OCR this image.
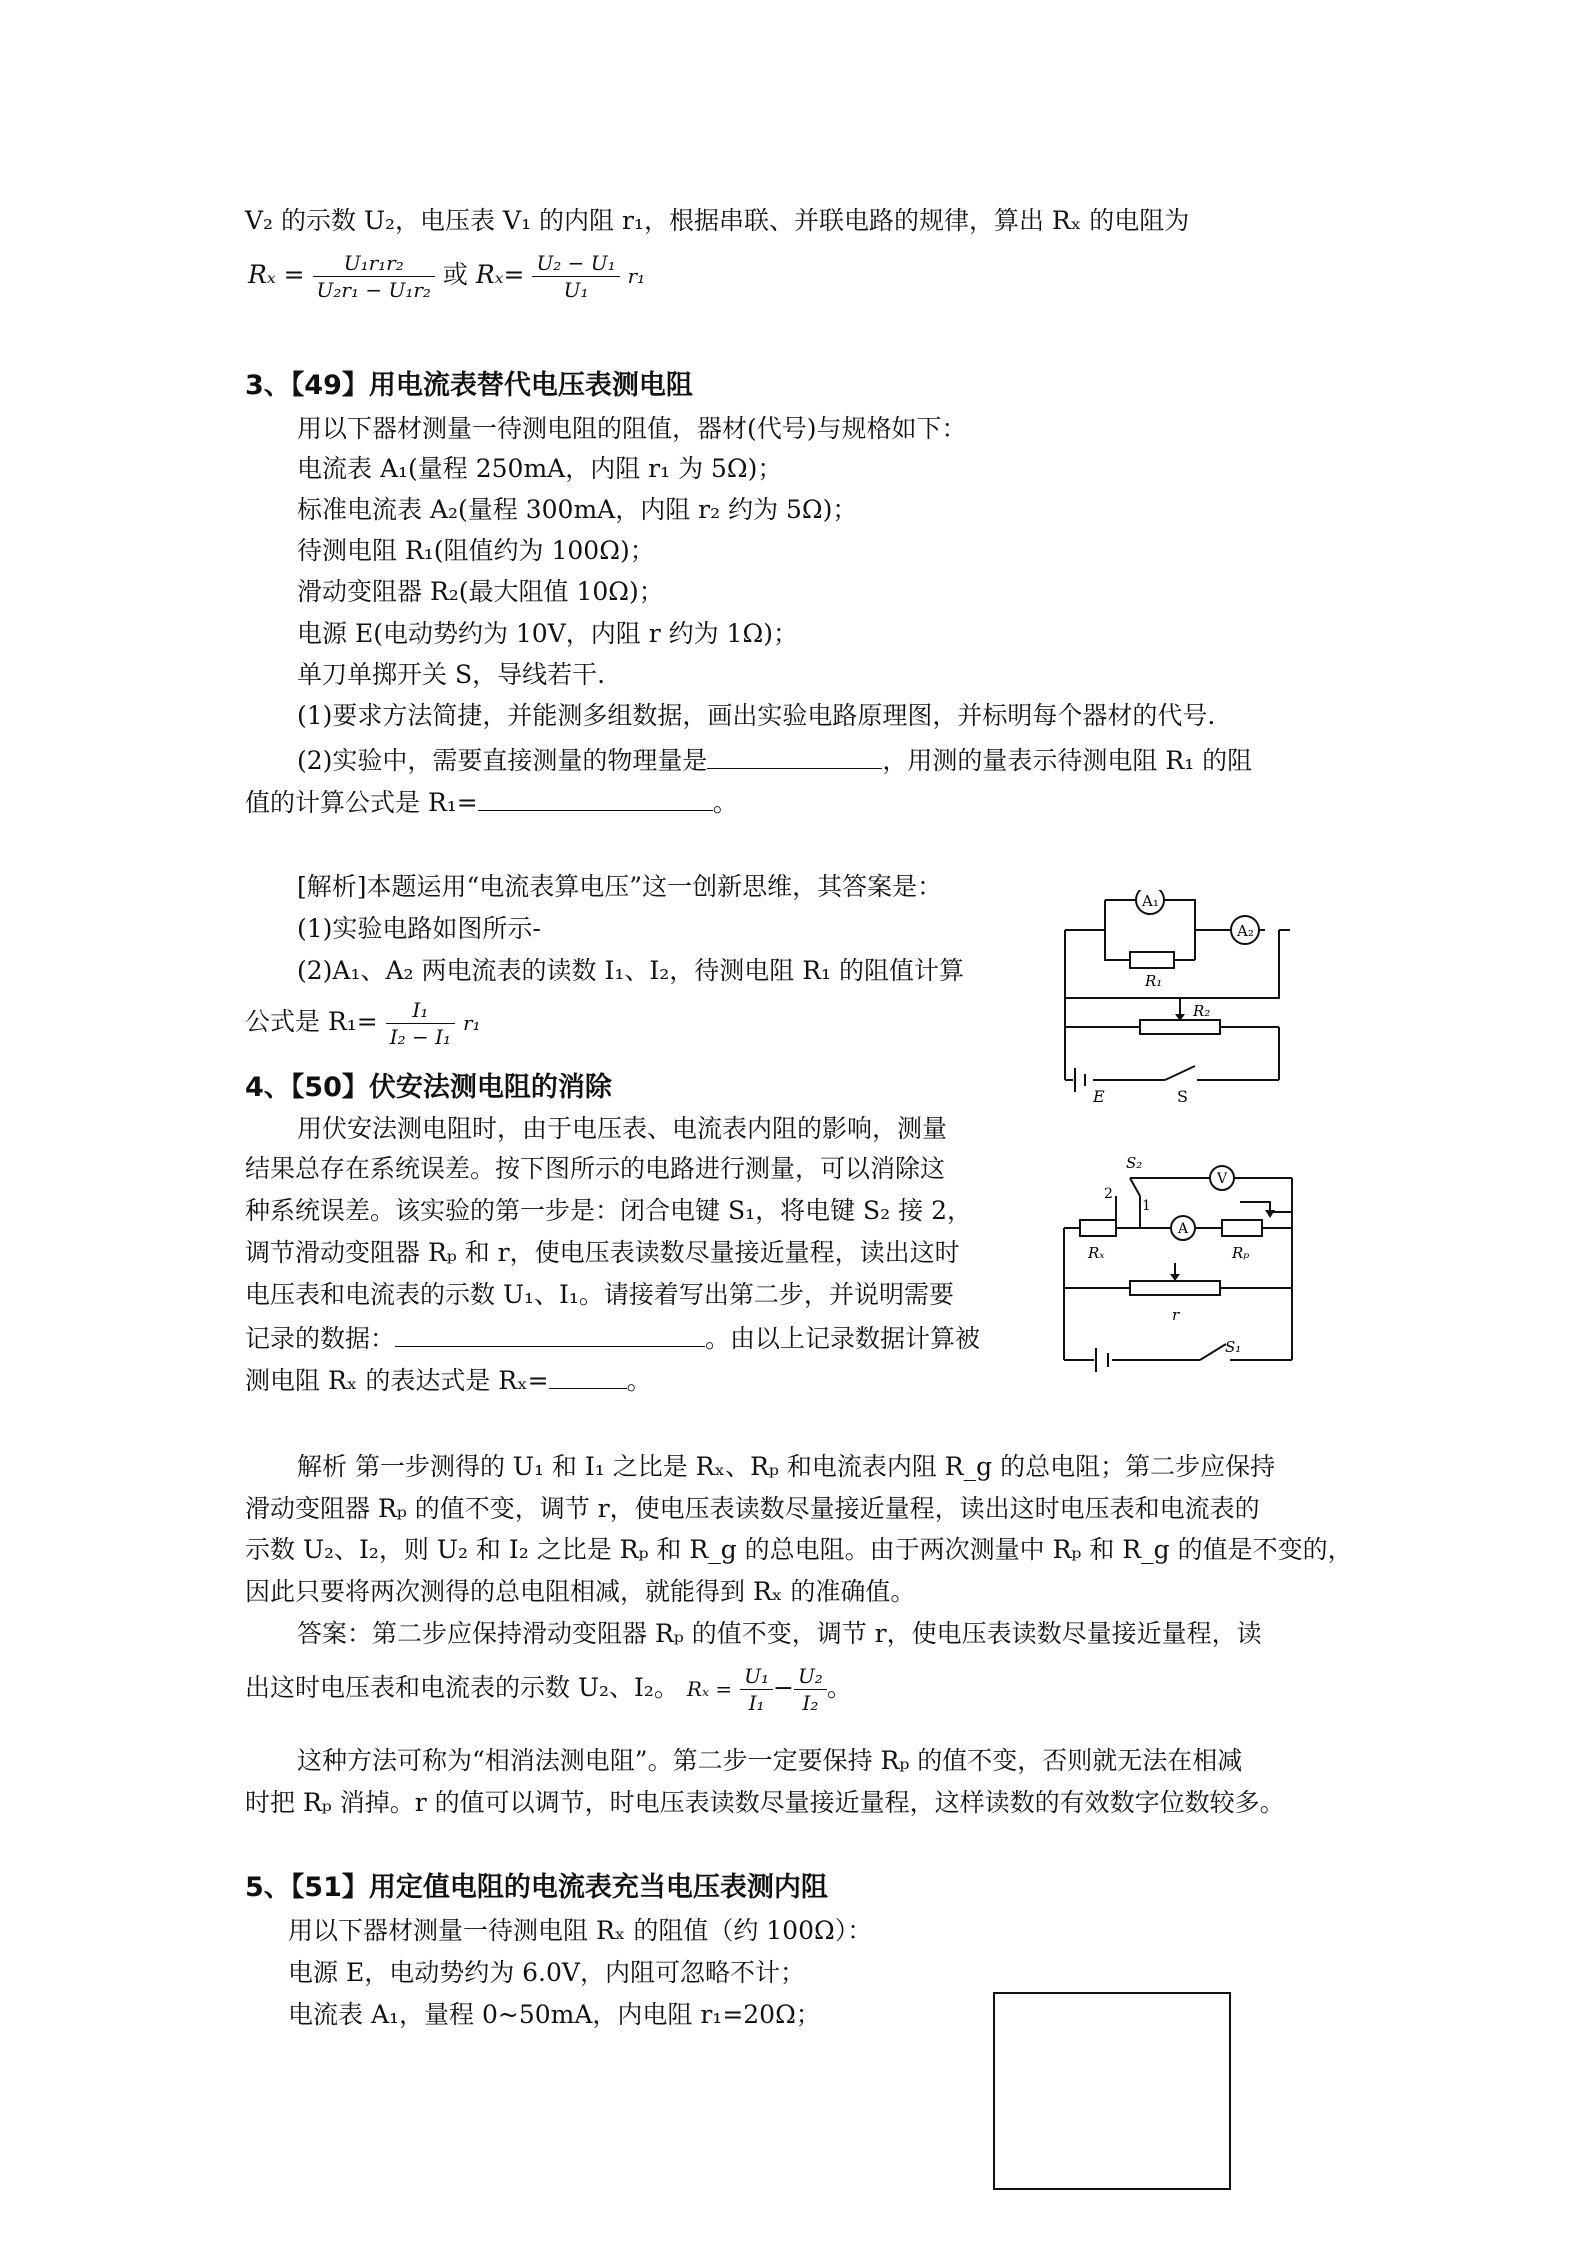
V₂ 的示数 U₂，电压表 V₁ 的内阻 r₁，根据串联、并联电路的规律，算出 Rₓ 的电阻为
$R_x = \frac{\text{U₁r₁r₂}}{\text{U₂r₁ − U₁r₂}}$ 或 $R_x= \frac{\text{U₂ − U₁}}{\text{U₁}} r_1$
3、【49】用电流表替代电压表测电阻
用以下器材测量一待测电阻的阻值，器材(代号)与规格如下：
电流表 A₁(量程 250mA，内阻 r₁ 为 5Ω)；
标准电流表 A₂(量程 300mA，内阻 r₂ 约为 5Ω)；
待测电阻 R₁(阻值约为 100Ω)；
滑动变阻器 R₂(最大阻值 10Ω)；
电源 E(电动势约为 10V，内阻 r 约为 1Ω)；
单刀单掷开关 S，导线若干.
(1)要求方法简捷，并能测多组数据，画出实验电路原理图，并标明每个器材的代号.
(2)实验中，需要直接测量的物理量是	，用测的量表示待测电阻 R₁ 的阻
值的计算公式是 R₁=	。
[解析]本题运用“电流表算电压”这一创新思维，其答案是：
(1)实验电路如图所示-
(2)A₁、A₂ 两电流表的读数 I₁、I₂，待测电阻 R₁ 的阻值计算
公式是 $R_1= \frac{\text{I₁}}{\text{I₂ − I₁}} r_1$
A₁
A₂
R₁
R₂
E	S
4、【50】伏安法测电阻的消除
用伏安法测电阻时，由于电压表、电流表内阻的影响，测量
结果总存在系统误差。按下图所示的电路进行测量，可以消除这
种系统误差。该实验的第一步是：闭合电键 S₁，将电键 S₂ 接 2，
调节滑动变阻器 Rₚ 和 r，使电压表读数尽量接近量程，读出这时
电压表和电流表的示数 U₁、I₁。请接着写出第二步，并说明需要
记录的数据：	。由以上记录数据计算被
测电阻 Rₓ 的表达式是 Rₓ=	。
S₂
2
1
V
A
Rₓ	Rₚ
r
S₁
解析 第一步测得的 U₁ 和 I₁ 之比是 Rₓ、Rₚ 和电流表内阻 R_g 的总电阻；第二步应保持
滑动变阻器 Rₚ 的值不变，调节 r，使电压表读数尽量接近量程，读出这时电压表和电流表的
示数 U₂、I₂，则 U₂ 和 I₂ 之比是 Rₚ 和 R_g 的总电阻。由于两次测量中 Rₚ 和 R_g 的值是不变的，
因此只要将两次测得的总电阻相减，就能得到 Rₓ 的准确值。
答案：第二步应保持滑动变阻器 Rₚ 的值不变，调节 r，使电压表读数尽量接近量程，读
出这时电压表和电流表的示数 U₂、I₂。 $R_x = \frac{\text{U₁}}{\text{I₁}} - \frac{\text{U₂}}{\text{I₂}}$ 。
这种方法可称为“相消法测电阻”。第二步一定要保持 Rₚ 的值不变，否则就无法在相减
时把 Rₚ 消掉。r 的值可以调节，时电压表读数尽量接近量程，这样读数的有效数字位数较多。
5、【51】用定值电阻的电流表充当电压表测内阻
用以下器材测量一待测电阻 Rₓ 的阻值（约 100Ω）：
电源 E，电动势约为 6.0V，内阻可忽略不计；
电流表 A₁，量程 0~50mA，内电阻 r₁=20Ω；
